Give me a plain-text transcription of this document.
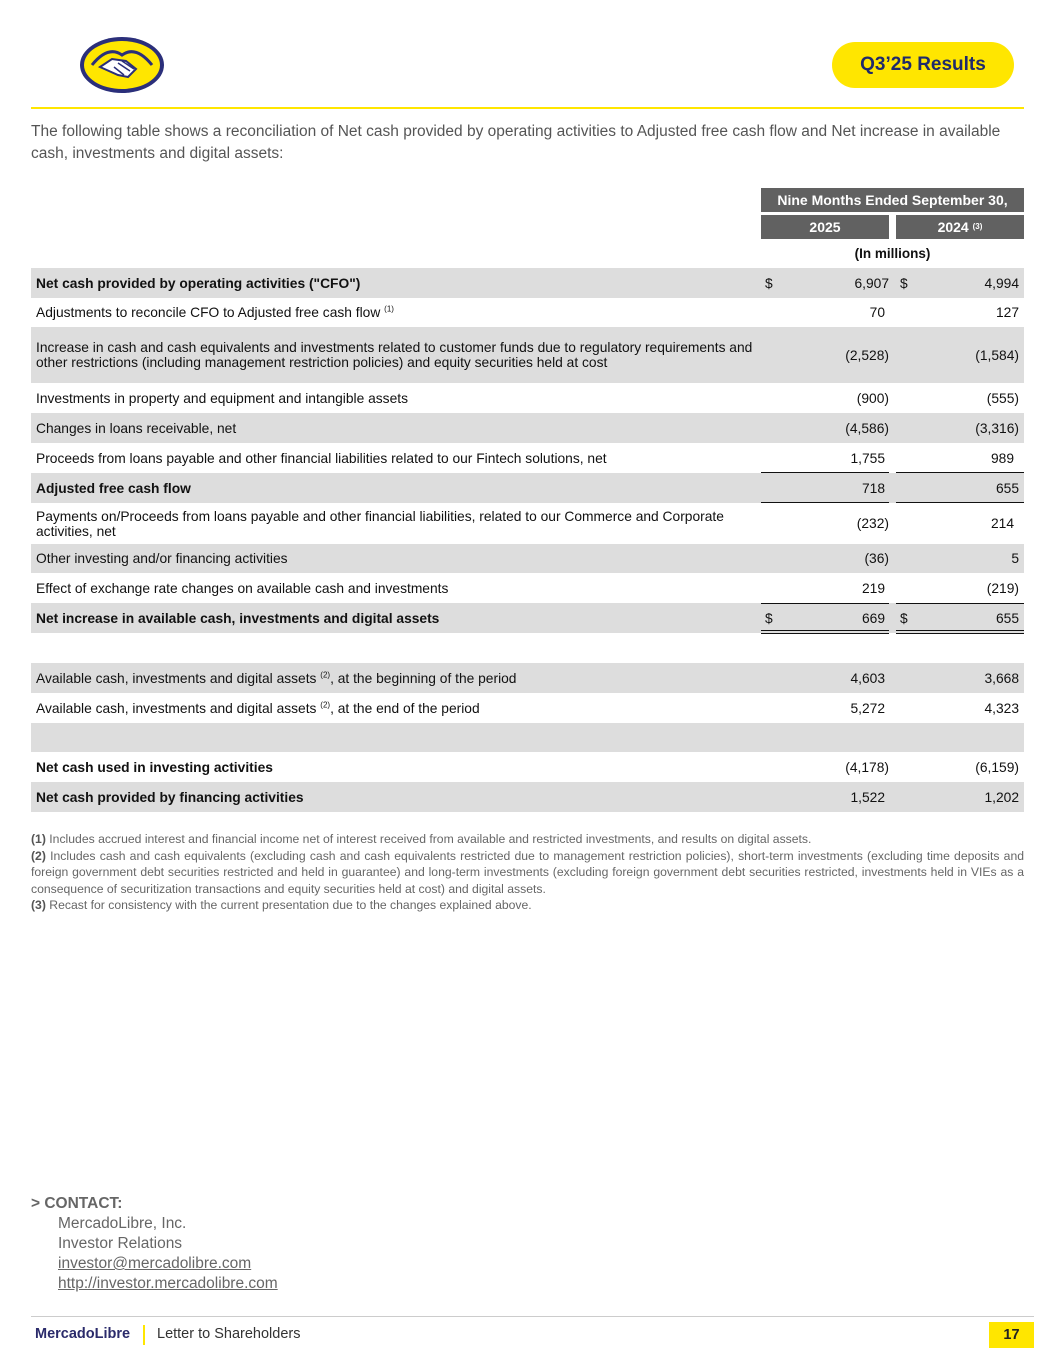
Q3’25 Results
The following table shows a reconciliation of Net cash provided by operating activities to Adjusted free cash flow and Net increase in available cash, investments and digital assets:
Nine Months Ended September 30,
2025	2024
(3)
(In millions)
Net cash provided by operating activities ("CFO")	$	6,907 $	4,994
Adjustments to reconcile CFO to Adjusted free cash flow $^{(1)}$	70	127
Increase in cash and cash equivalents and investments related to customer funds due to regulatory requirements and other restrictions (including management restriction policies) and equity securities held at cost	(2,528)	(1,584)
Investments in property and equipment and intangible assets	(900)	(555)
Changes in loans receivable, net	(4,586)	(3,316)
Proceeds from loans payable and other financial liabilities related to our Fintech solutions, net	1,755	989
Adjusted free cash flow	718	655
Payments on/Proceeds from loans payable and other financial liabilities, related to our Commerce and Corporate activities, net	(232)	214
Other investing and/or financing activities	(36)	5
Effect of exchange rate changes on available cash and investments	219	(219)
Net increase in available cash, investments and digital assets	$	669 $	655
Available cash, investments and digital assets $^{(2)}$, at the beginning of the period	4,603	3,668
Available cash, investments and digital assets $^{(2)}$, at the end of the period	5,272	4,323
Net cash used in investing activities	(4,178)	(6,159)
Net cash provided by financing activities	1,522	1,202
(1) Includes accrued interest and financial income net of interest received from available and restricted investments, and results on digital assets.
(2) Includes cash and cash equivalents (excluding cash and cash equivalents restricted due to management restriction policies), short-term investments (excluding time deposits and foreign government debt securities restricted and held in guarantee) and long-term investments (excluding foreign government debt securities restricted, investments held in VIEs as a consequence of securitization transactions and equity securities held at cost) and digital assets.
(3) Recast for consistency with the current presentation due to the changes explained above.
> CONTACT:
MercadoLibre, Inc.
Investor Relations
investor@mercadolibre.com
http://investor.mercadolibre.com
MercadoLibre Letter to Shareholders	17
